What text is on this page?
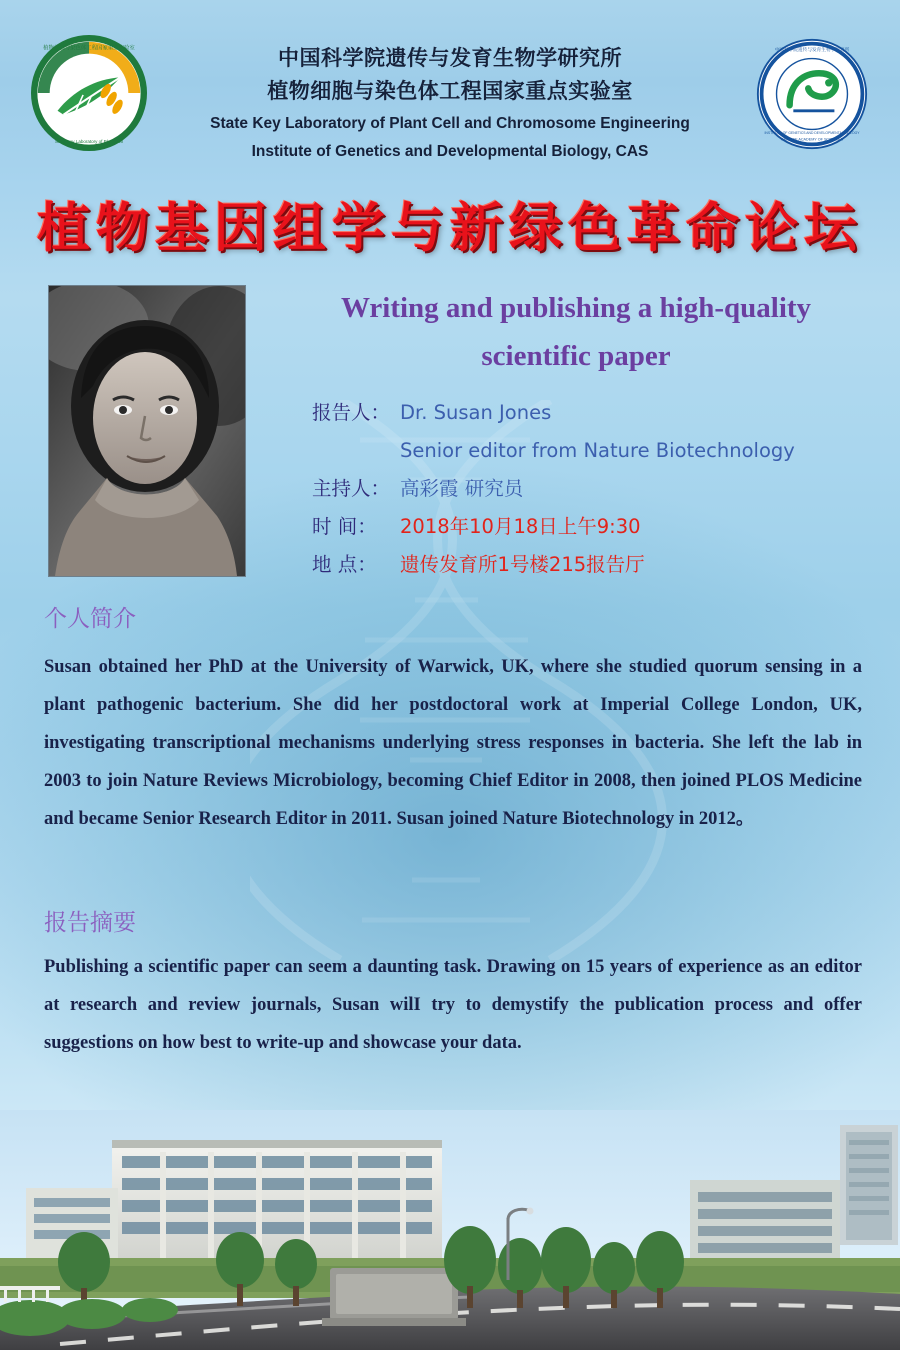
植物细胞与染色体工程国家重点实验室
State Key Laboratory of Plant Cell
中国科学院遗传与发育生物学研究所
CHINESE ACADEMY OF SCIENCES
INSTITUTE OF GENETICS AND DEVELOPMENTAL BIOLOGY
中国科学院遗传与发育生物学研究所
植物细胞与染色体工程国家重点实验室
State Key Laboratory of Plant Cell and Chromosome Engineering
Institute of Genetics and Developmental Biology, CAS
植物基因组学与新绿色革命论坛
Writing and publishing a high-quality
scientific paper
报告人： Dr. Susan Jones
Senior editor from Nature Biotechnology
主持人： 高彩霞 研究员
时 间：	2018年10月18日上午9:30
地 点：	遗传发育所1号楼215报告厅
个人简介
Susan obtained her PhD at the University of Warwick, UK, where she studied quorum sensing in a plant pathogenic bacterium. She did her postdoctoral work at Imperial College London, UK, investigating transcriptional mechanisms underlying stress responses in bacteria. She left the lab in 2003 to join Nature Reviews Microbiology, becoming Chief Editor in 2008, then joined PLOS Medicine and became Senior Research Editor in 2011. Susan joined Nature Biotechnology in 2012。
报告摘要
Publishing a scientific paper can seem a daunting task. Drawing on 15 years of experience as an editor at research and review journals, Susan wilI try to demystify the publication process and offer suggestions on how best to write-up and showcase your data.
